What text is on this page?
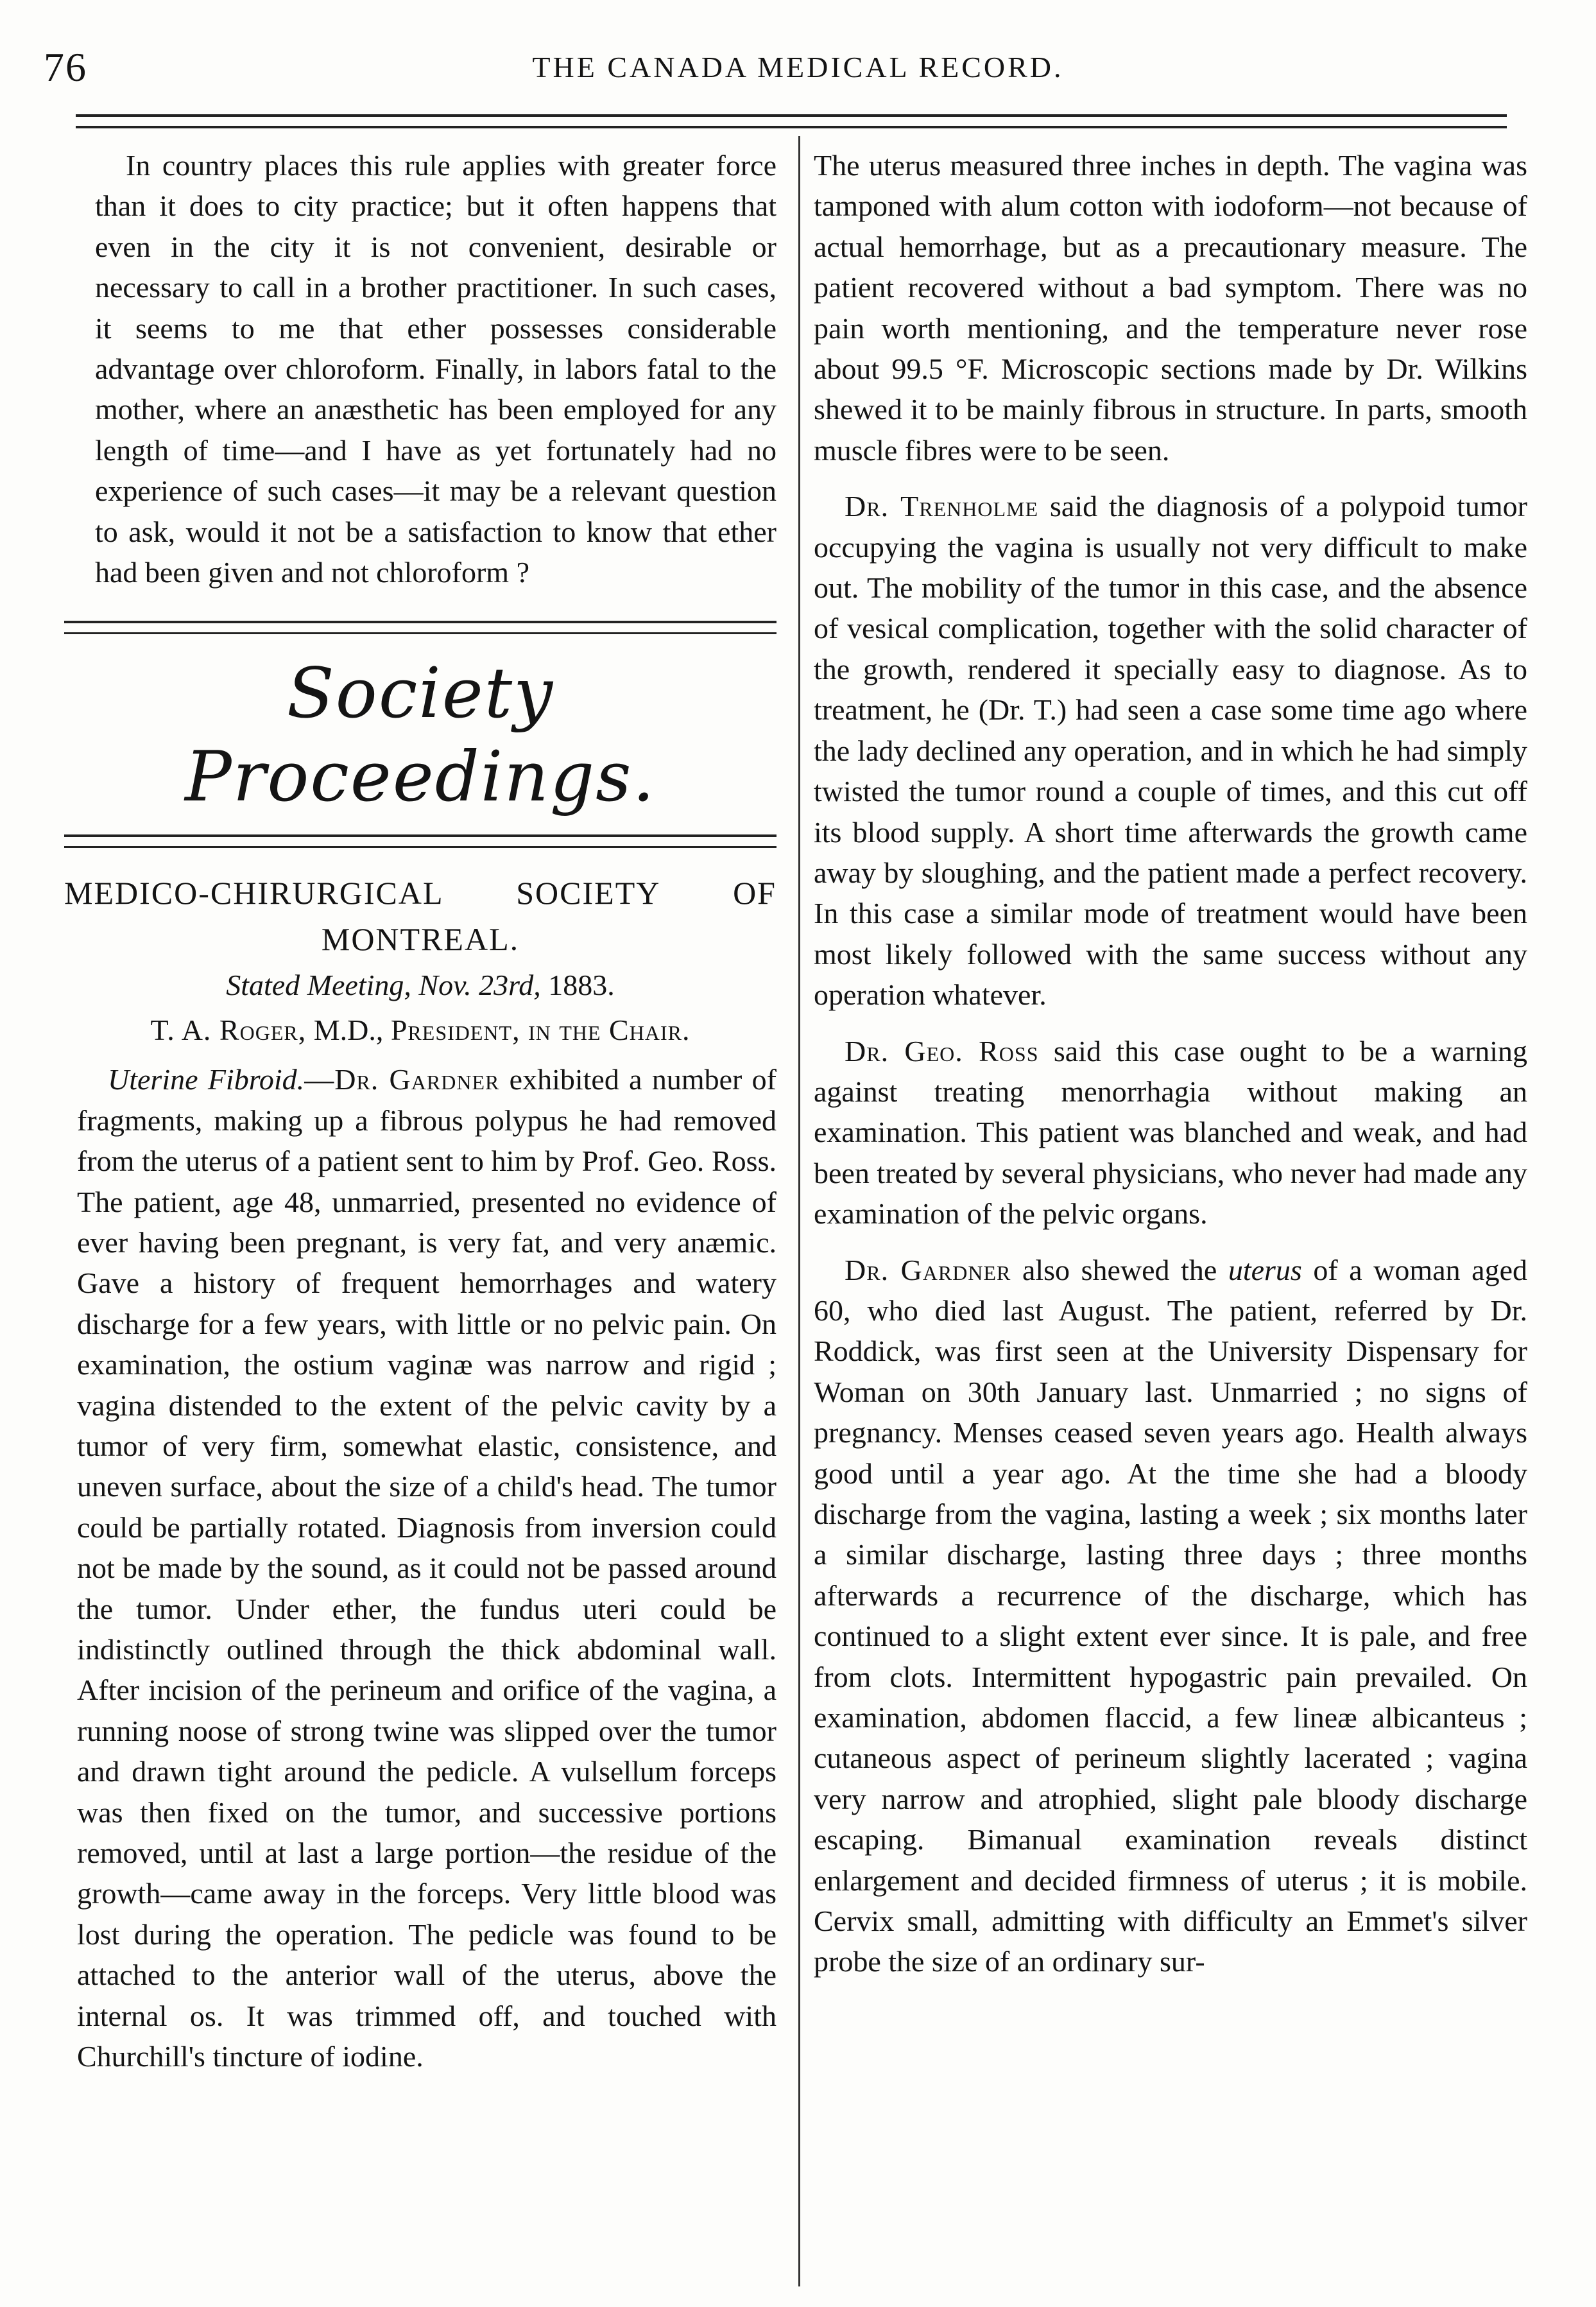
76	THE CANADA MEDICAL RECORD.

In country places this rule applies with greater force than it does to city practice; but it often happens that even in the city it is not convenient, desirable or necessary to call in a brother practitioner. In such cases, it seems to me that ether possesses considerable advantage over chloroform. Finally, in labors fatal to the mother, where an anæsthetic has been employed for any length of time—and I have as yet fortunately had no experience of such cases—it may be a relevant question to ask, would it not be a satisfaction to know that ether had been given and not chloroform ?

Society Proceedings.
MEDICO-CHIRURGICAL SOCIETY OF
MONTREAL.
Stated Meeting, Nov. 23rd, 1883.
T. A. Roger, M.D., President, in the Chair.

Uterine Fibroid.—Dr. Gardner exhibited a number of fragments, making up a fibrous polypus he had removed from the uterus of a patient sent to him by Prof. Geo. Ross. The patient, age 48, unmarried, presented no evidence of ever having been pregnant, is very fat, and very anæmic. Gave a history of frequent hemorrhages and watery discharge for a few years, with little or no pelvic pain. On examination, the ostium vaginæ was narrow and rigid ; vagina distended to the extent of the pelvic cavity by a tumor of very firm, somewhat elastic, consistence, and uneven surface, about the size of a child's head. The tumor could be partially rotated. Diagnosis from inversion could not be made by the sound, as it could not be passed around the tumor. Under ether, the fundus uteri could be indistinctly outlined through the thick abdominal wall. After incision of the perineum and orifice of the vagina, a running noose of strong twine was slipped over the tumor and drawn tight around the pedicle. A vulsellum forceps was then fixed on the tumor, and successive portions removed, until at last a large portion—the residue of the growth—came away in the forceps. Very little blood was lost during the operation. The pedicle was found to be attached to the anterior wall of the uterus, above the internal os. It was trimmed off, and touched with Churchill's tincture of iodine.

The uterus measured three inches in depth. The vagina was tamponed with alum cotton with iodoform—not because of actual hemorrhage, but as a precautionary measure. The patient recovered without a bad symptom. There was no pain worth mentioning, and the temperature never rose about 99.5 °F. Microscopic sections made by Dr. Wilkins shewed it to be mainly fibrous in structure. In parts, smooth muscle fibres were to be seen.

Dr. Trenholme said the diagnosis of a polypoid tumor occupying the vagina is usually not very difficult to make out. The mobility of the tumor in this case, and the absence of vesical complication, together with the solid character of the growth, rendered it specially easy to diagnose. As to treatment, he (Dr. T.) had seen a case some time ago where the lady declined any operation, and in which he had simply twisted the tumor round a couple of times, and this cut off its blood supply. A short time afterwards the growth came away by sloughing, and the patient made a perfect recovery. In this case a similar mode of treatment would have been most likely followed with the same success without any operation whatever.

Dr. Geo. Ross said this case ought to be a warning against treating menorrhagia without making an examination. This patient was blanched and weak, and had been treated by several physicians, who never had made any examination of the pelvic organs.

Dr. Gardner also shewed the uterus of a woman aged 60, who died last August. The patient, referred by Dr. Roddick, was first seen at the University Dispensary for Woman on 30th January last. Unmarried ; no signs of pregnancy. Menses ceased seven years ago. Health always good until a year ago. At the time she had a bloody discharge from the vagina, lasting a week ; six months later a similar discharge, lasting three days ; three months afterwards a recurrence of the discharge, which has continued to a slight extent ever since. It is pale, and free from clots. Intermittent hypogastric pain prevailed. On examination, abdomen flaccid, a few lineæ albicanteus ; cutaneous aspect of perineum slightly lacerated ; vagina very narrow and atrophied, slight pale bloody discharge escaping. Bimanual examination reveals distinct enlargement and decided firmness of uterus ; it is mobile. Cervix small, admitting with difficulty an Emmet's silver probe the size of an ordinary sur-
